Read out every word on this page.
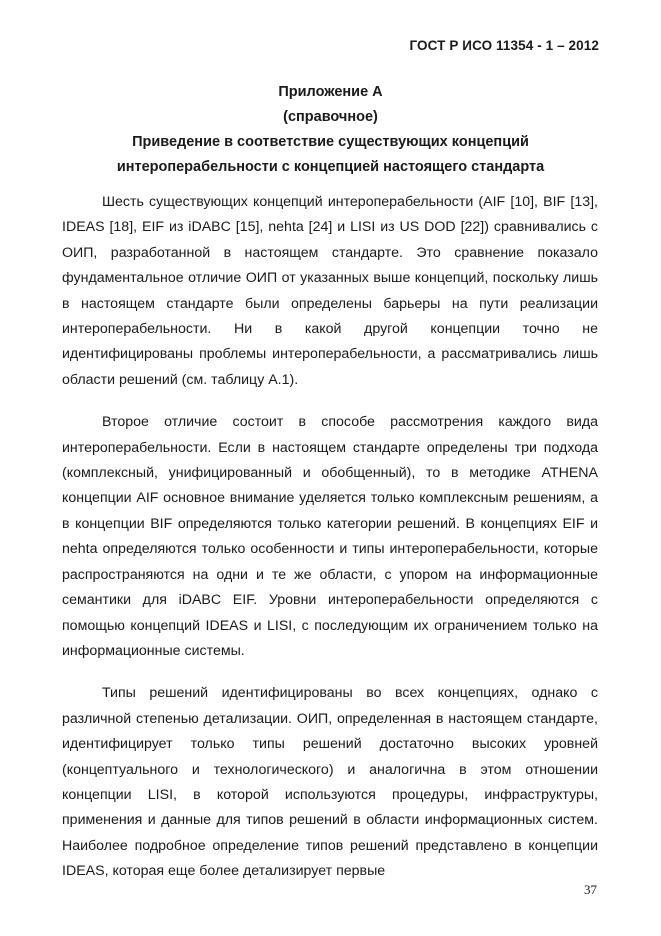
ГОСТ Р ИСО 11354 - 1 – 2012
Приложение А
(справочное)
Приведение в соответствие существующих концепций
интероперабельности с концепцией настоящего стандарта

Шесть существующих концепций интероперабельности (AIF [10], BIF [13], IDEAS [18], EIF из iDABC [15], nehta [24] и LISI из US DOD [22]) сравнивались с ОИП, разработанной в настоящем стандарте. Это сравнение показало фундаментальное отличие ОИП от указанных выше концепций, поскольку лишь в настоящем стандарте были определены барьеры на пути реализации интероперабельности. Ни в какой другой концепции точно не идентифицированы проблемы интероперабельности, а рассматривались лишь области решений (см. таблицу А.1).

Второе отличие состоит в способе рассмотрения каждого вида интероперабельности. Если в настоящем стандарте определены три подхода (комплексный, унифицированный и обобщенный), то в методике ATHENA концепции AIF основное внимание уделяется только комплексным решениям, а в концепции BIF определяются только категории решений. В концепциях EIF и nehta определяются только особенности и типы интероперабельности, которые распространяются на одни и те же области, с упором на информационные семантики для iDABC EIF. Уровни интероперабельности определяются с помощью концепций IDEAS и LISI, с последующим их ограничением только на информационные системы.

Типы решений идентифицированы во всех концепциях, однако с различной степенью детализации. ОИП, определенная в настоящем стандарте, идентифицирует только типы решений достаточно высоких уровней (концептуального и технологического) и аналогична в этом отношении концепции LISI, в которой используются процедуры, инфраструктуры, применения и данные для типов решений в области информационных систем. Наиболее подробное определение типов решений представлено в концепции IDEAS, которая еще более детализирует первые

37
